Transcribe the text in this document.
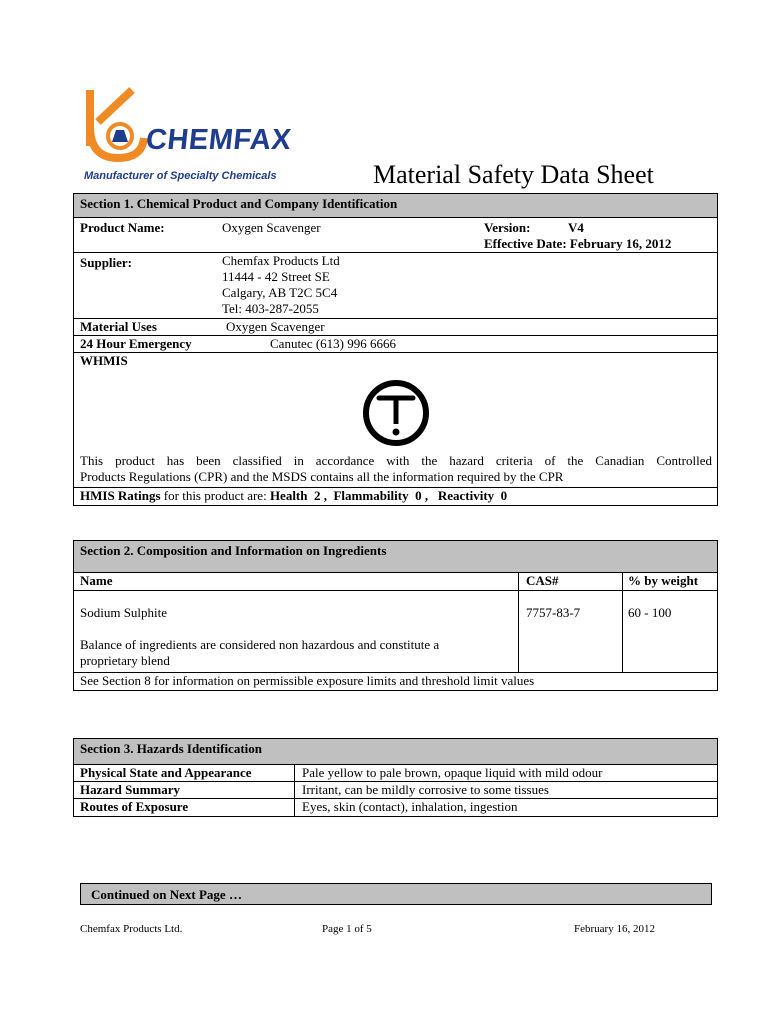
CHEMFAX
Manufacturer of Specialty Chemicals	Material Safety Data Sheet
Section 1. Chemical Product and Company Identification
Product Name:	Oxygen Scavenger	Version:	V4
Effective Date: February 16, 2012
Supplier:	Chemfax Products Ltd
11444 - 42 Street SE
Calgary, AB T2C 5C4
Tel: 403-287-2055
Material Uses	Oxygen Scavenger
24 Hour Emergency	Canutec (613) 996 6666
WHMIS
This product has been classified in accordance with the hazard criteria of the Canadian Controlled
Products Regulations (CPR) and the MSDS contains all the information required by the CPR
HMIS Ratings for this product are: Health  2 ,  Flammability  0 ,   Reactivity  0
Section 2. Composition and Information on Ingredients
Name	CAS#	% by weight
Sodium Sulphite	7757-83-7	60 - 100
Balance of ingredients are considered non hazardous and constitute a
proprietary blend
See Section 8 for information on permissible exposure limits and threshold limit values
Section 3. Hazards Identification
Physical State and Appearance	Pale yellow to pale brown, opaque liquid with mild odour
Hazard Summary	Irritant, can be mildly corrosive to some tissues
Routes of Exposure	Eyes, skin (contact), inhalation, ingestion
Continued on Next Page …
Chemfax Products Ltd.	Page 1 of 5	February 16, 2012
